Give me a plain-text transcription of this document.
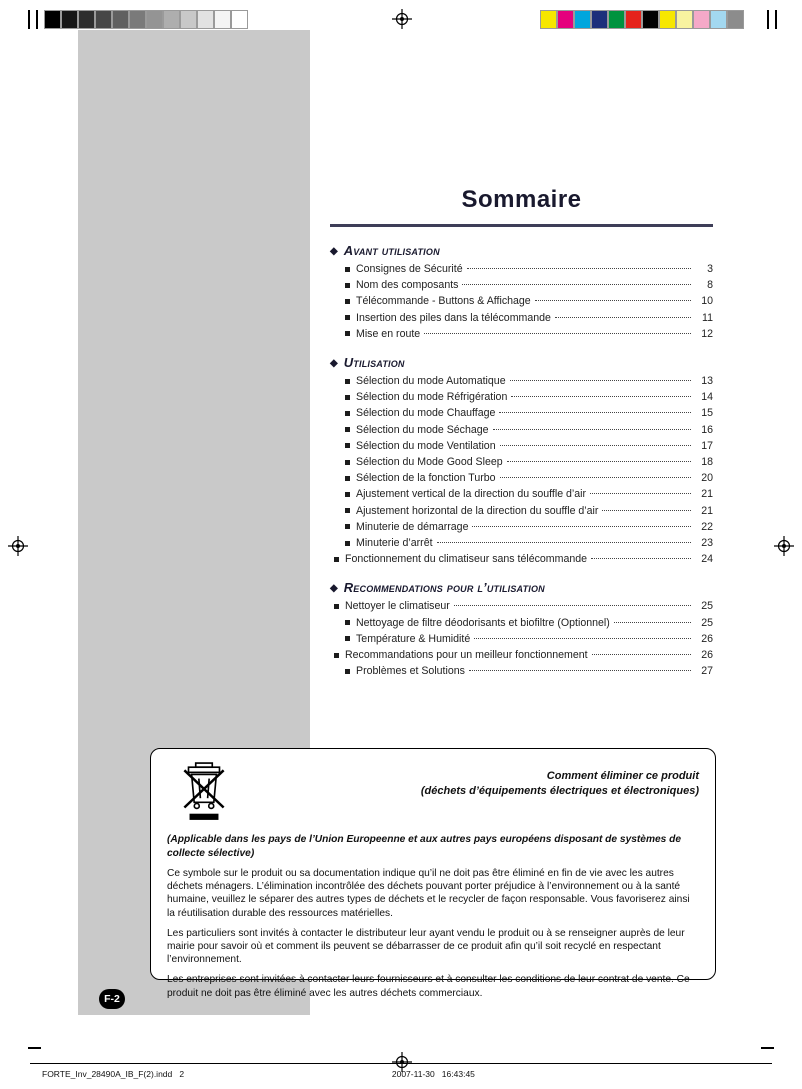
Sommaire
◆ Avant utilisation
Consignes de Sécurité	3
Nom des composants	8
Télécommande - Buttons & Affichage	10
Insertion des piles dans la télécommande	11
Mise en route	12
◆ Utilisation
Sélection du mode Automatique	13
Sélection du mode Réfrigération	14
Sélection du mode Chauffage	15
Sélection du mode Séchage	16
Sélection du mode Ventilation	17
Sélection du Mode Good Sleep	18
Sélection de la fonction Turbo	20
Ajustement vertical de la direction du souffle d’air	21
Ajustement horizontal de la direction du souffle d’air	21
Minuterie de démarrage	22
Minuterie d’arrêt	23
Fonctionnement du climatiseur sans télécommande	24
◆ Recommendations pour l’utilisation
Nettoyer le climatiseur	25
Nettoyage de filtre déodorisants et biofiltre (Optionnel)	25
Température & Humidité	26
Recommandations pour un meilleur fonctionnement	26
Problèmes et Solutions	27
Comment éliminer ce produit
(déchets d’équipements électriques et électroniques)
(Applicable dans les pays de l’Union Europeenne et aux autres pays européens disposant de systèmes de collecte sélective)

Ce symbole sur le produit ou sa documentation indique qu’il ne doit pas être éliminé en fin de vie avec les autres déchets ménagers. L’élimination incontrôlée des déchets pouvant porter préjudice à l’environnement ou à la santé humaine, veuillez le séparer des autres types de déchets et le recycler de façon responsable. Vous favoriserez ainsi la réutilisation durable des ressources matérielles.

Les particuliers sont invités à contacter le distributeur leur ayant vendu le produit ou à se renseigner auprès de leur mairie pour savoir où et comment ils peuvent se débarrasser de ce produit afin qu’il soit recyclé en respectant l’environnement.

Les entreprises sont invitées à contacter leurs fournisseurs et à consulter les conditions de leur contrat de vente. Ce produit ne doit pas être éliminé avec les autres déchets commerciaux.

F-2
FORTE_Inv_28490A_IB_F(2).indd   2                                                                                        2007-11-30   16:43:45
